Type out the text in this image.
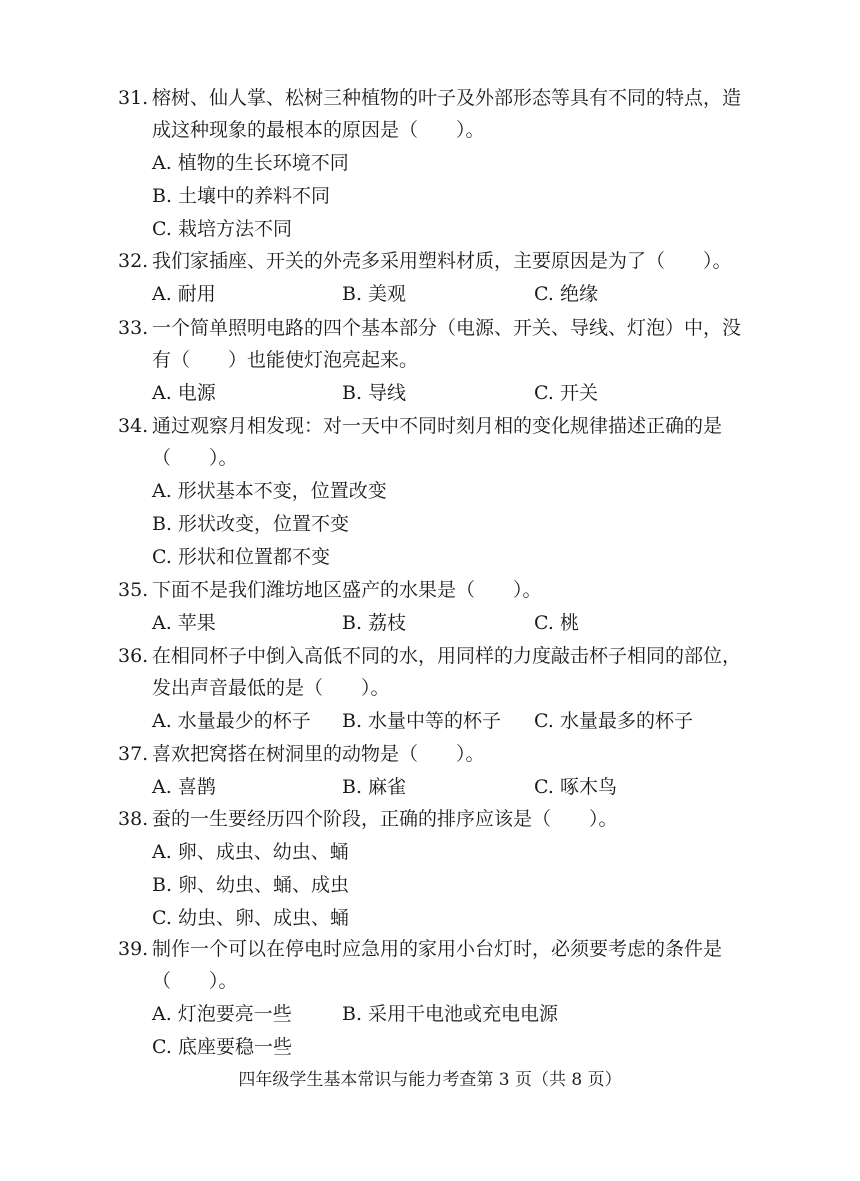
31. 榕树、仙人掌、松树三种植物的叶子及外部形态等具有不同的特点，造成这种现象的最根本的原因是（　　）。
A. 植物的生长环境不同
B. 土壤中的养料不同
C. 栽培方法不同
32. 我们家插座、开关的外壳多采用塑料材质，主要原因是为了（　　）。
A. 耐用	B. 美观	C. 绝缘
33. 一个简单照明电路的四个基本部分（电源、开关、导线、灯泡）中，没有（　　）也能使灯泡亮起来。
A. 电源	B. 导线	C. 开关
34. 通过观察月相发现：对一天中不同时刻月相的变化规律描述正确的是（　　）。
A. 形状基本不变，位置改变
B. 形状改变，位置不变
C. 形状和位置都不变
35. 下面不是我们潍坊地区盛产的水果是（　　）。
A. 苹果	B. 荔枝	C. 桃
36. 在相同杯子中倒入高低不同的水，用同样的力度敲击杯子相同的部位，发出声音最低的是（　　）。
A. 水量最少的杯子	B. 水量中等的杯子	C. 水量最多的杯子
37. 喜欢把窝搭在树洞里的动物是（　　）。
A. 喜鹊	B. 麻雀	C. 啄木鸟
38. 蚕的一生要经历四个阶段，正确的排序应该是（　　）。
A. 卵、成虫、幼虫、蛹
B. 卵、幼虫、蛹、成虫
C. 幼虫、卵、成虫、蛹
39. 制作一个可以在停电时应急用的家用小台灯时，必须要考虑的条件是（　　）。
A. 灯泡要亮一些	B. 采用干电池或充电电源
C. 底座要稳一些
四年级学生基本常识与能力考查第 3 页（共 8 页）
